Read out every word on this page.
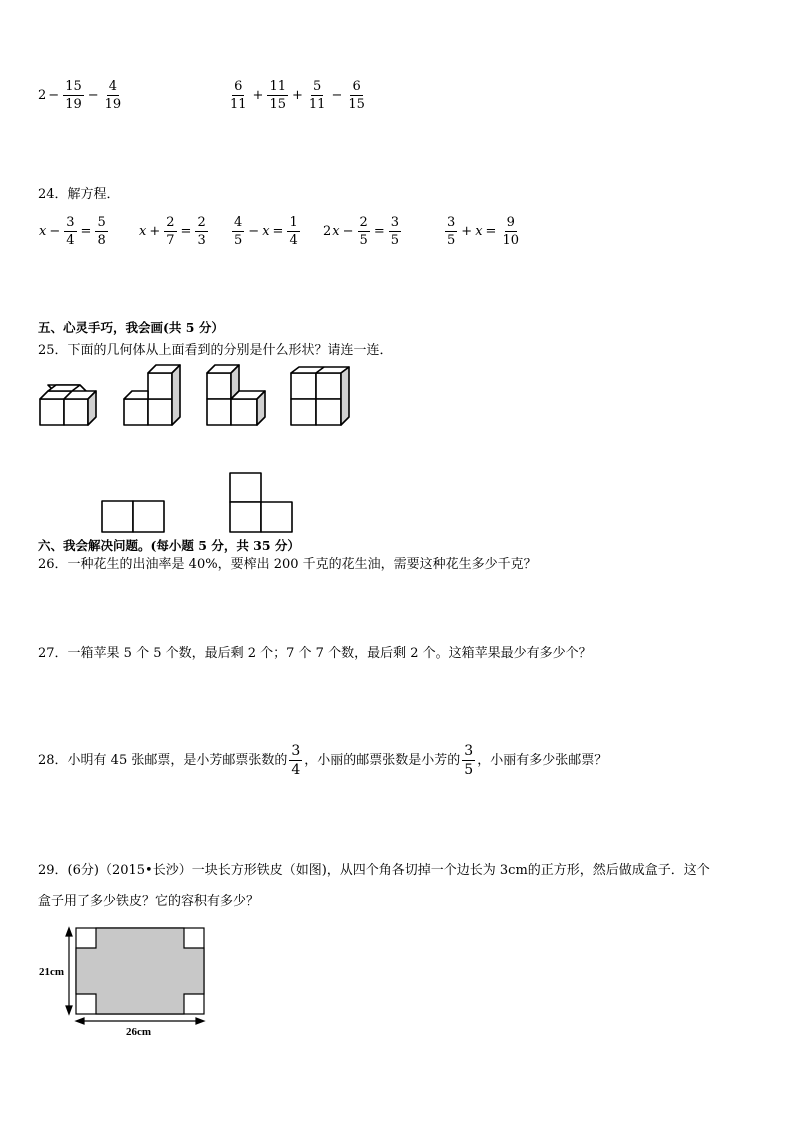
$2 - \frac{15}{19} - \frac{4}{19}$	$\frac{6}{11} + \frac{11}{15} + \frac{5}{11} - \frac{6}{15}$
24．解方程．
$x - \frac{3}{4} = \frac{5}{8}$ $x + \frac{2}{7} = \frac{2}{3} \frac{4}{5} - x = \frac{1}{4} 2$ $x - \frac{2}{5} = \frac{3}{5}$	$\frac{3}{5} + x = \frac{9}{10}$
五、心灵手巧，我会画(共 5 分）
25．下面的几何体从上面看到的分别是什么形状？请连一连．
六、我会解决问题。(每小题 5 分，共 35 分）
26．一种花生的出油率是 40%，要榨出 200 千克的花生油，需要这种花生多少千克？
27．一箱苹果 5 个 5 个数，最后剩 2 个；7 个 7 个数，最后剩 2 个。这箱苹果最少有多少个？
28．小明有 45 张邮票，是小芳邮票张数的 $\frac{3}{4}$ ，小丽的邮票张数是小芳的 $\frac{3}{5}$ ，小丽有多少张邮票？
29．(6分)（2015•长沙）一块长方形铁皮（如图)，从四个角各切掉一个边长为 3cm的正方形，然后做成盒子．这个
盒子用了多少铁皮？它的容积有多少？
21cm
26cm
